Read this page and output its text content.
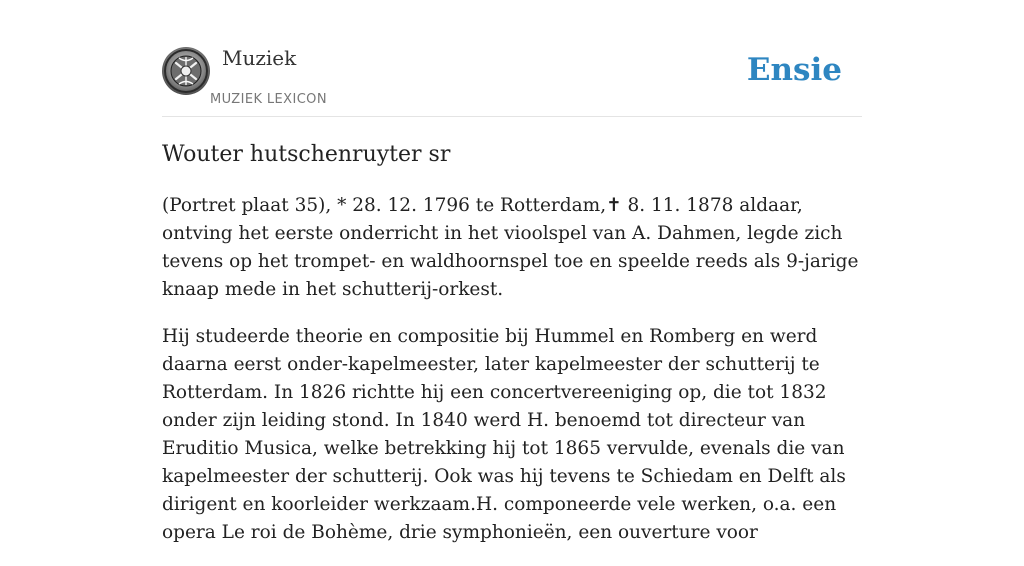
Muziek
MUZIEK LEXICON
Ensie
Wouter hutschenruyter sr

(Portret plaat 35), * 28. 12. 1796 te Rotterdam,✝ 8. 11. 1878 aldaar, ontving het eerste onderricht in het vioolspel van A. Dahmen, legde zich tevens op het trompet- en waldhoornspel toe en speelde reeds als 9-jarige knaap mede in het schutterij-orkest.

Hij studeerde theorie en compositie bij Hummel en Romberg en werd daarna eerst onder-kapelmeester, later kapelmeester der schutterij te Rotterdam. In 1826 richtte hij een concertvereeniging op, die tot 1832 onder zijn leiding stond. In 1840 werd H. benoemd tot directeur van Eruditio Musica, welke betrekking hij tot 1865 vervulde, evenals die van kapelmeester der schutterij. Ook was hij tevens te Schiedam en Delft als dirigent en koorleider werkzaam.H. componeerde vele werken, o.a. een opera Le roi de Bohème, drie symphonieën, een ouverture voor
